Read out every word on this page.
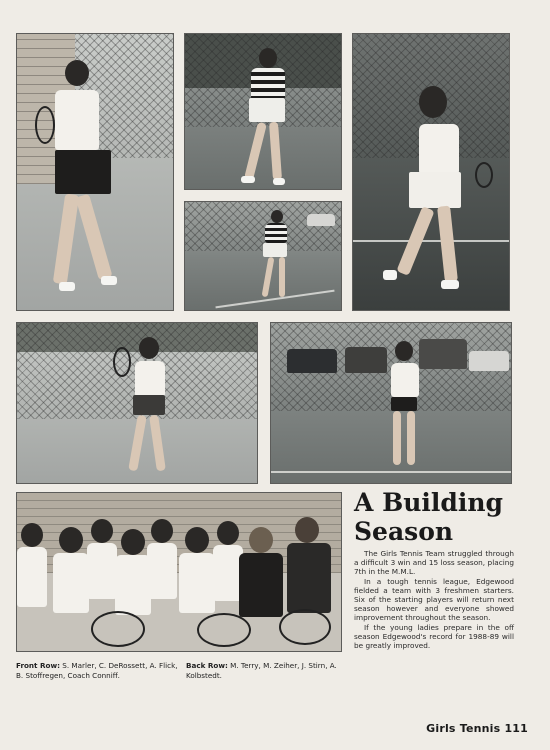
A Building
Season

The Girls Tennis Team struggled through a difficult 3 win and 15 loss season, placing 7th in the M.M.L.

In a tough tennis league, Edgewood fielded a team with 3 freshmen starters. Six of the starting players will return next season however and everyone showed improvement throughout the season.

If the young ladies prepare in the off season Edgewood's record for 1988-89 will be greatly improved.

Front Row: S. Marler, C. DeRossett, A. Flick, B. Stoffregen, Coach Conniff.
Back Row: M. Terry, M. Zeiher, J. Stirn, A. Kolbstedt.
Girls Tennis 111
